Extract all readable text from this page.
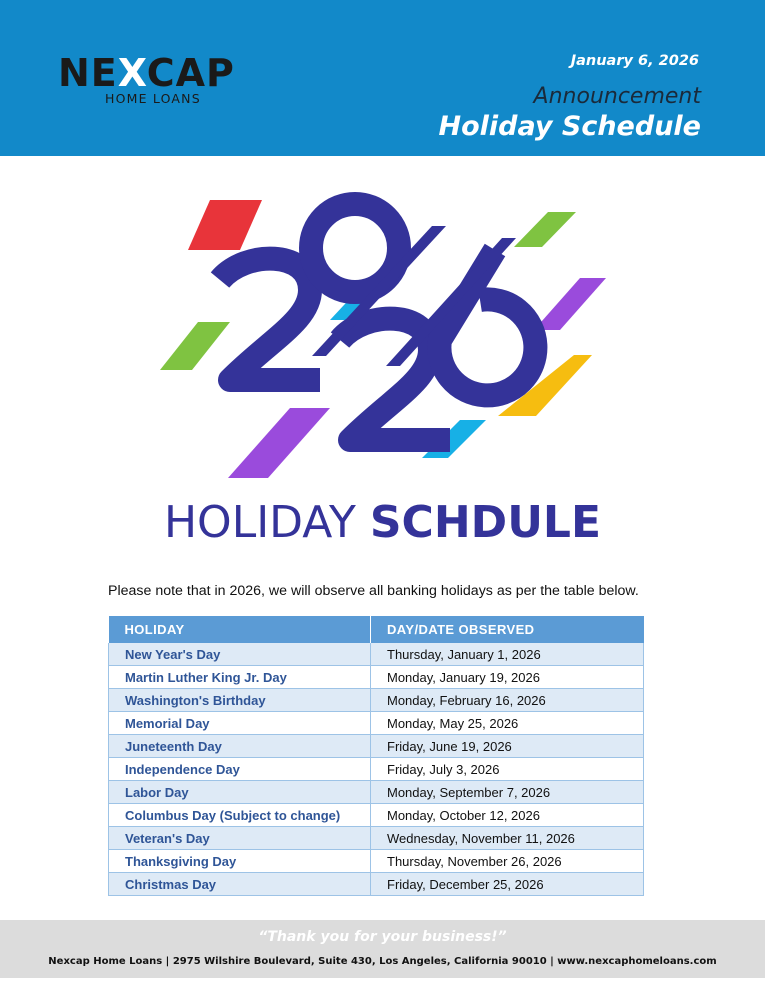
NEXCAP
HOME LOANS
January 6, 2026
Announcement
Holiday Schedule
HOLIDAY SCHDULE
Please note that in 2026, we will observe all banking holidays as per the table below.
HOLIDAY	DAY/DATE OBSERVED
New Year's Day	Thursday, January 1, 2026
Martin Luther King Jr. Day	Monday, January 19, 2026
Washington's Birthday	Monday, February 16, 2026
Memorial Day	Monday, May 25, 2026
Juneteenth Day	Friday, June 19, 2026
Independence Day	Friday, July 3, 2026
Labor Day	Monday, September 7, 2026
Columbus Day (Subject to change)	Monday, October 12, 2026
Veteran's Day	Wednesday, November 11, 2026
Thanksgiving Day	Thursday, November 26, 2026
Christmas Day	Friday, December 25, 2026
“Thank you for your business!”
Nexcap Home Loans | 2975 Wilshire Boulevard, Suite 430, Los Angeles, California 90010 | www.nexcaphomeloans.com
